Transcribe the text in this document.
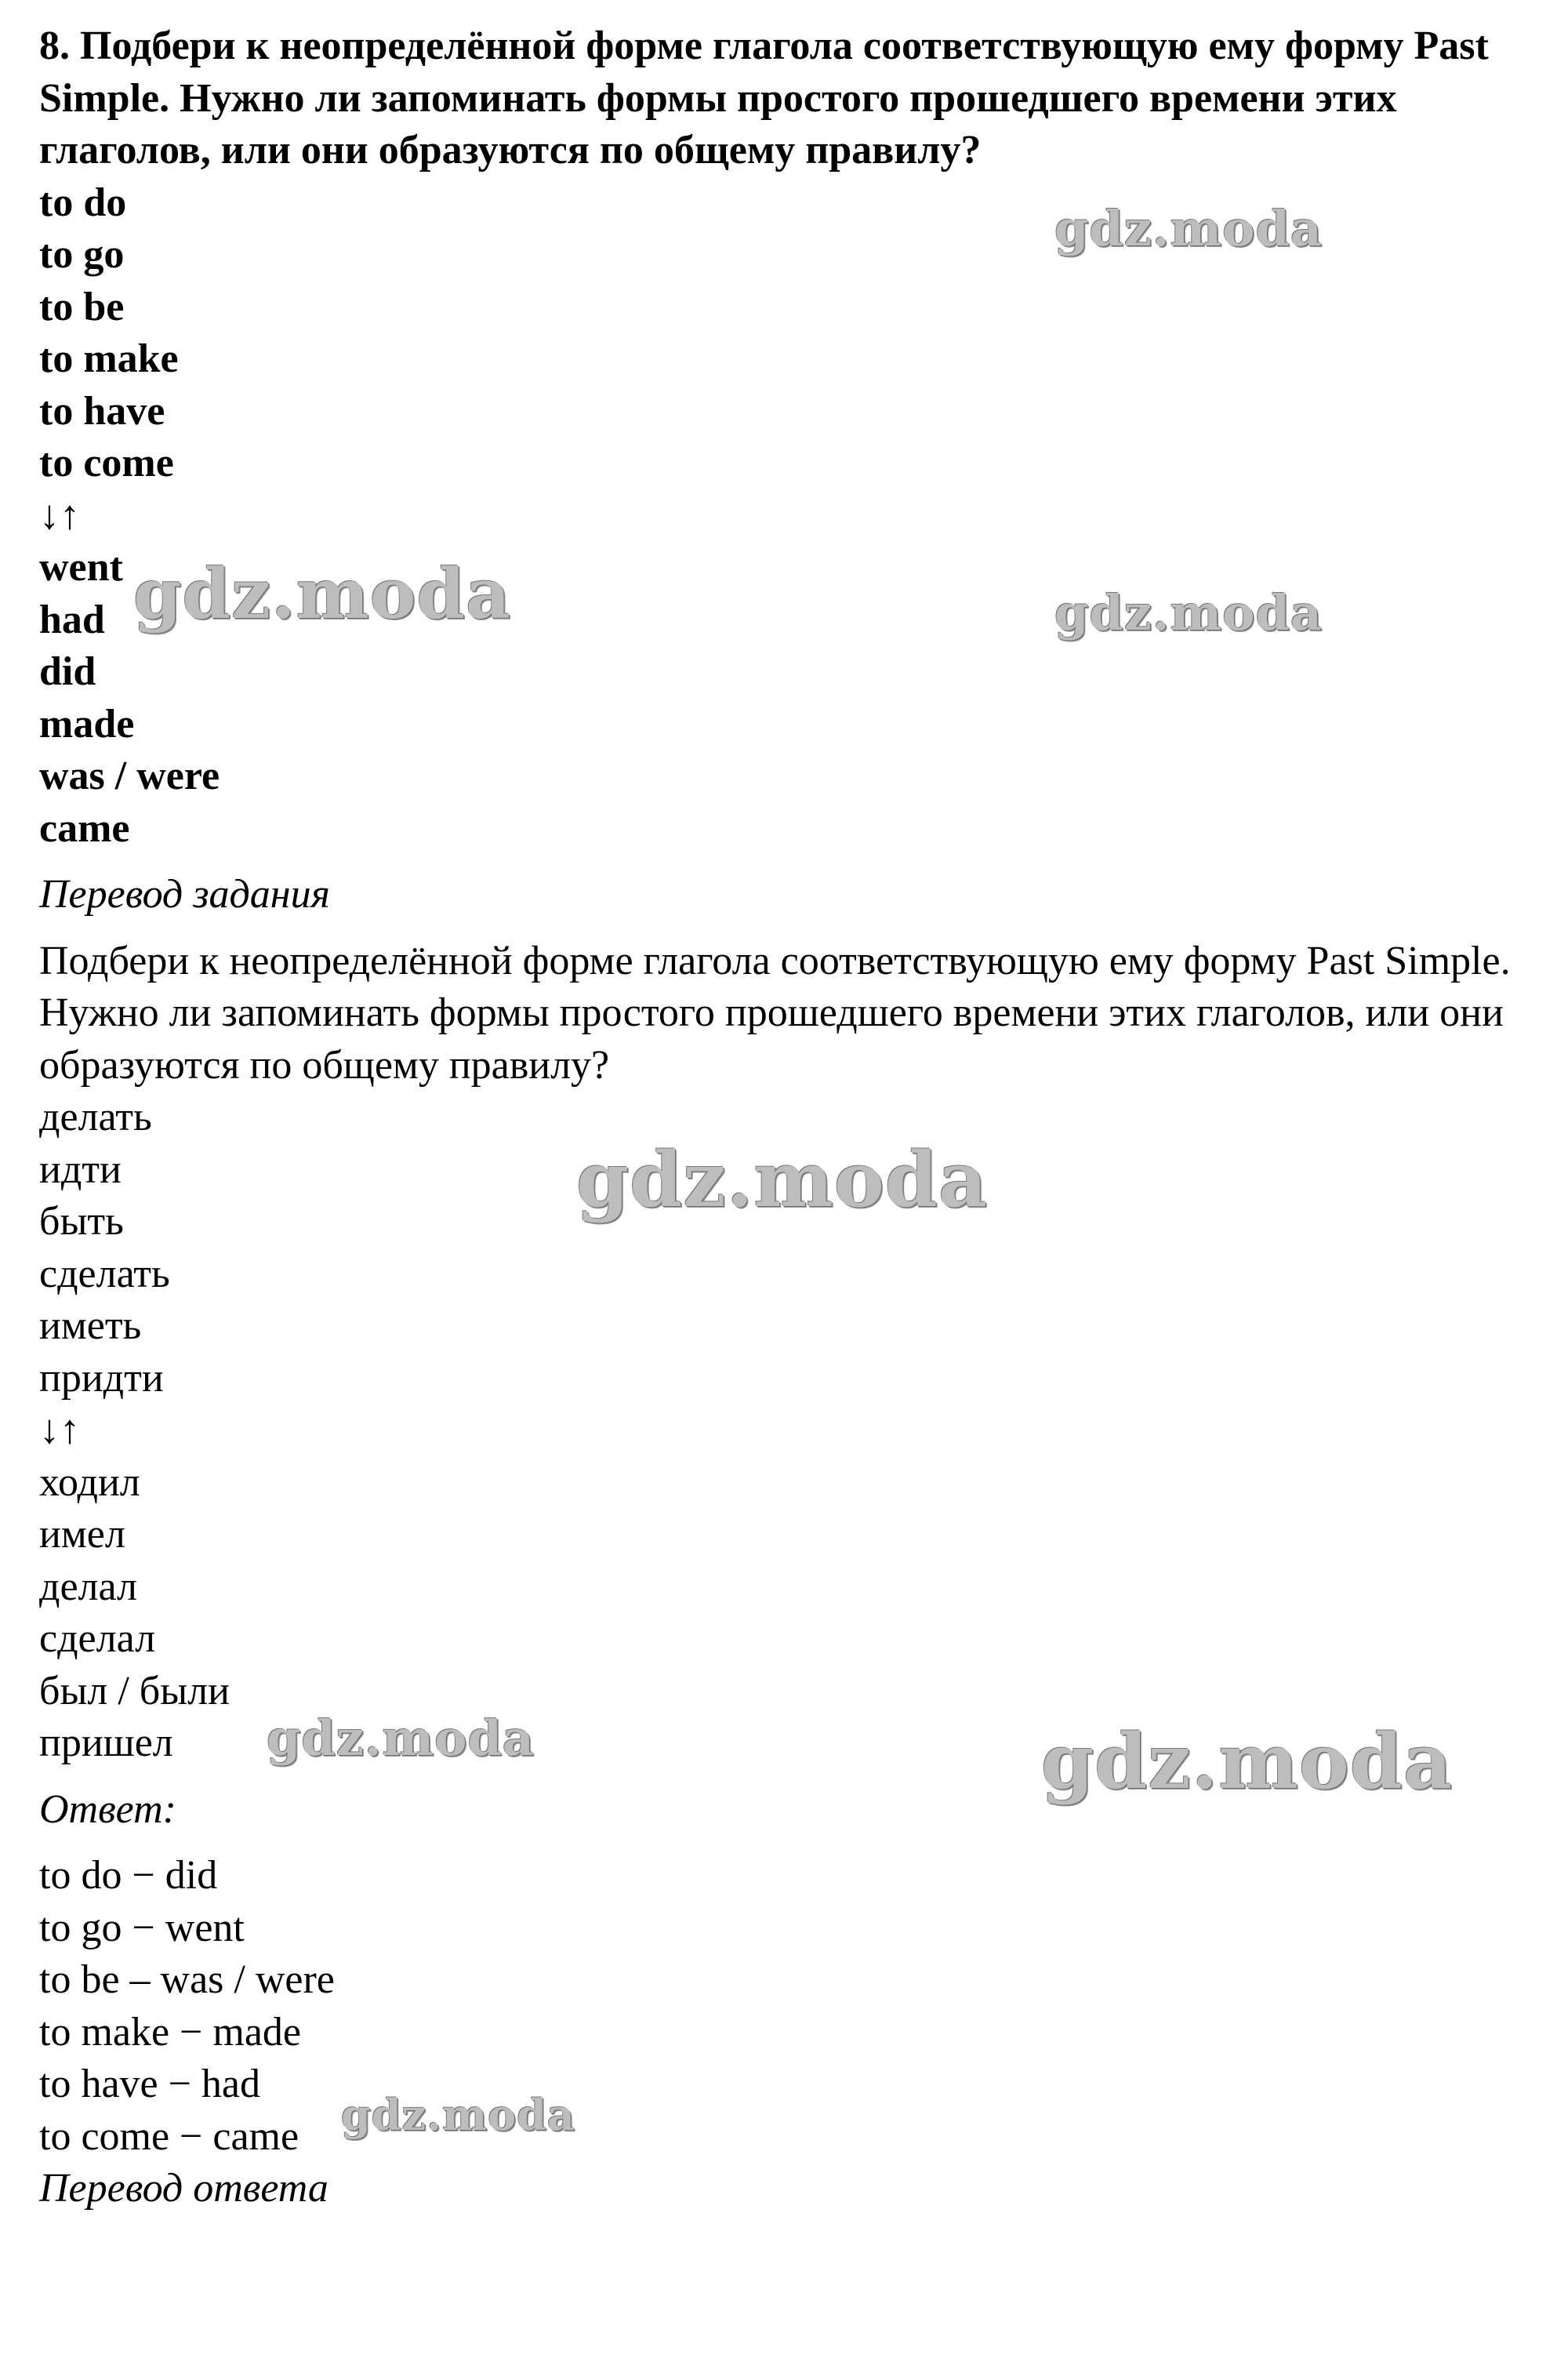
8. Подбери к неопределённой форме глагола соответствующую ему форму Past Simple. Нужно ли запоминать формы простого прошедшего времени этих глаголов, или они образуются по общему правилу?
to do
to go
to be
to make
to have
to come
↓↑
went
had
did
made
was / were
came
Перевод задания
Подбери к неопределённой форме глагола соответствующую ему форму Past Simple. Нужно ли запоминать формы простого прошедшего времени этих глаголов, или они образуются по общему правилу?
делать
идти
быть
сделать
иметь
придти
↓↑
ходил
имел
делал
сделал
был / были
пришел
Ответ:
to do − did
to go − went
to be – was / were
to make − made
to have − had
to come − came
Перевод ответа
gdz.moda
gdz.moda	gdz.moda
gdz.moda
gdz.moda	gdz.moda
gdz.moda
